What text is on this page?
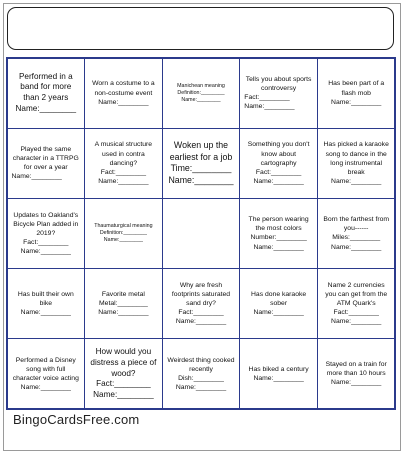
Performed in a band for more than 2 years
Name: ________
Worn a costume to a non-costume event
Name: ________
Manichean meaning
Definition: ________
Name: ________
Tells you about sports controversy
Fact: ________
Name: ________
Has been part of a flash mob
Name: ________
Played the same character in a TTRPG for over a year
Name: ________
A musical structure used in contra dancing?
Fact: ________
Name: ________
Woken up the earliest for a job
Time: ________
Name: ________
Something you don't know about cartography
Fact: ________
Name: ________
Has picked a karaoke song to dance in the long instrumental break
Name: ________
Updates to Oakland's Bicycle Plan added in 2019?
Fact: ________
Name: ________
Thaumaturgical meaning
Definition: ________
Name: ________
The person wearing the most colors
Number: ________
Name: ________
Born the farthest from you------
Miles: ________
Name: ________
Has built their own bike
Name: ________
Favorite metal
Metal: ________
Name: ________
Why are fresh footprints saturated sand dry?
Fact: ________
Name: ________
Has done karaoke sober
Name: ________
Name 2 currencies you can get from the ATM Quark's
Fact: ________
Name: ________
Performed a Disney song with full character voice acting
Name: ________
How would you distress a piece of wood?
Fact: ________
Name: ________
Weirdest thing cooked recently
Dish: ________
Name: ________
Has biked a century
Name: ________
Stayed on a train for more than 10 hours
Name: ________
BingoCardsFree.com
